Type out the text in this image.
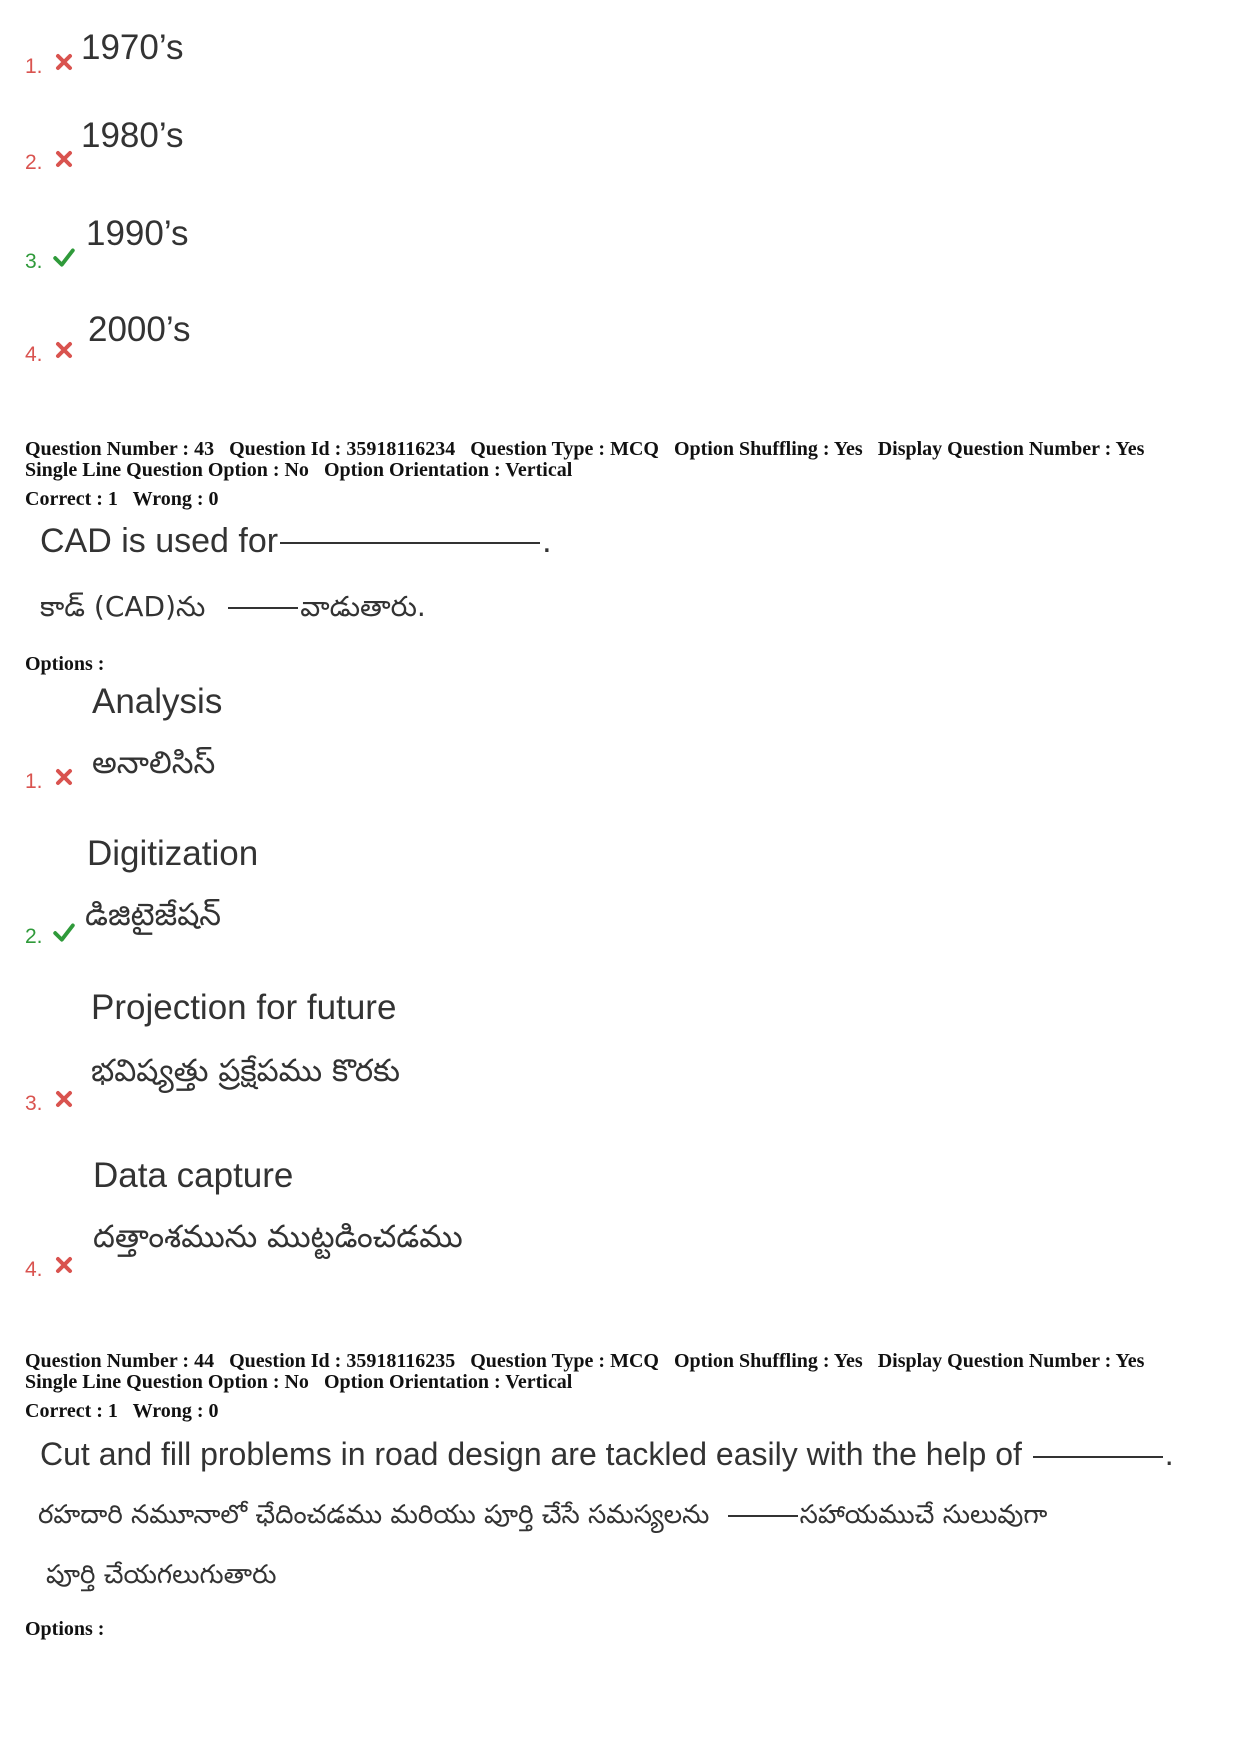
1. 1970’s
2.
1980’s
3.
1990’s
4.
2000’s
Question Number : 43 Question Id : 35918116234 Question Type : MCQ Option Shuffling : Yes Display Question Number : Yes
Single Line Question Option : No Option Orientation : Vertical
Correct : 1 Wrong : 0
CAD is used for	.
కాడ్ (CAD)ను	వాడుతారు.
Options :
Analysis
అనాలిసిస్
1.
Digitization
డిజిటైజేషన్
2.
Projection for future
భవిష్యత్తు ప్రక్షేపము కొరకు
3.
Data capture
దత్తాంశమును ముట్టడించడము
4.
Question Number : 44 Question Id : 35918116235 Question Type : MCQ Option Shuffling : Yes Display Question Number : Yes
Single Line Question Option : No Option Orientation : Vertical
Correct : 1 Wrong : 0
Cut and fill problems in road design are tackled easily with the help of	.
రహదారి నమూనాలో ఛేదించడము మరియు పూర్తి చేసే సమస్యలను	సహాయముచే సులువుగా
పూర్తి చేయగలుగుతారు
Options :
